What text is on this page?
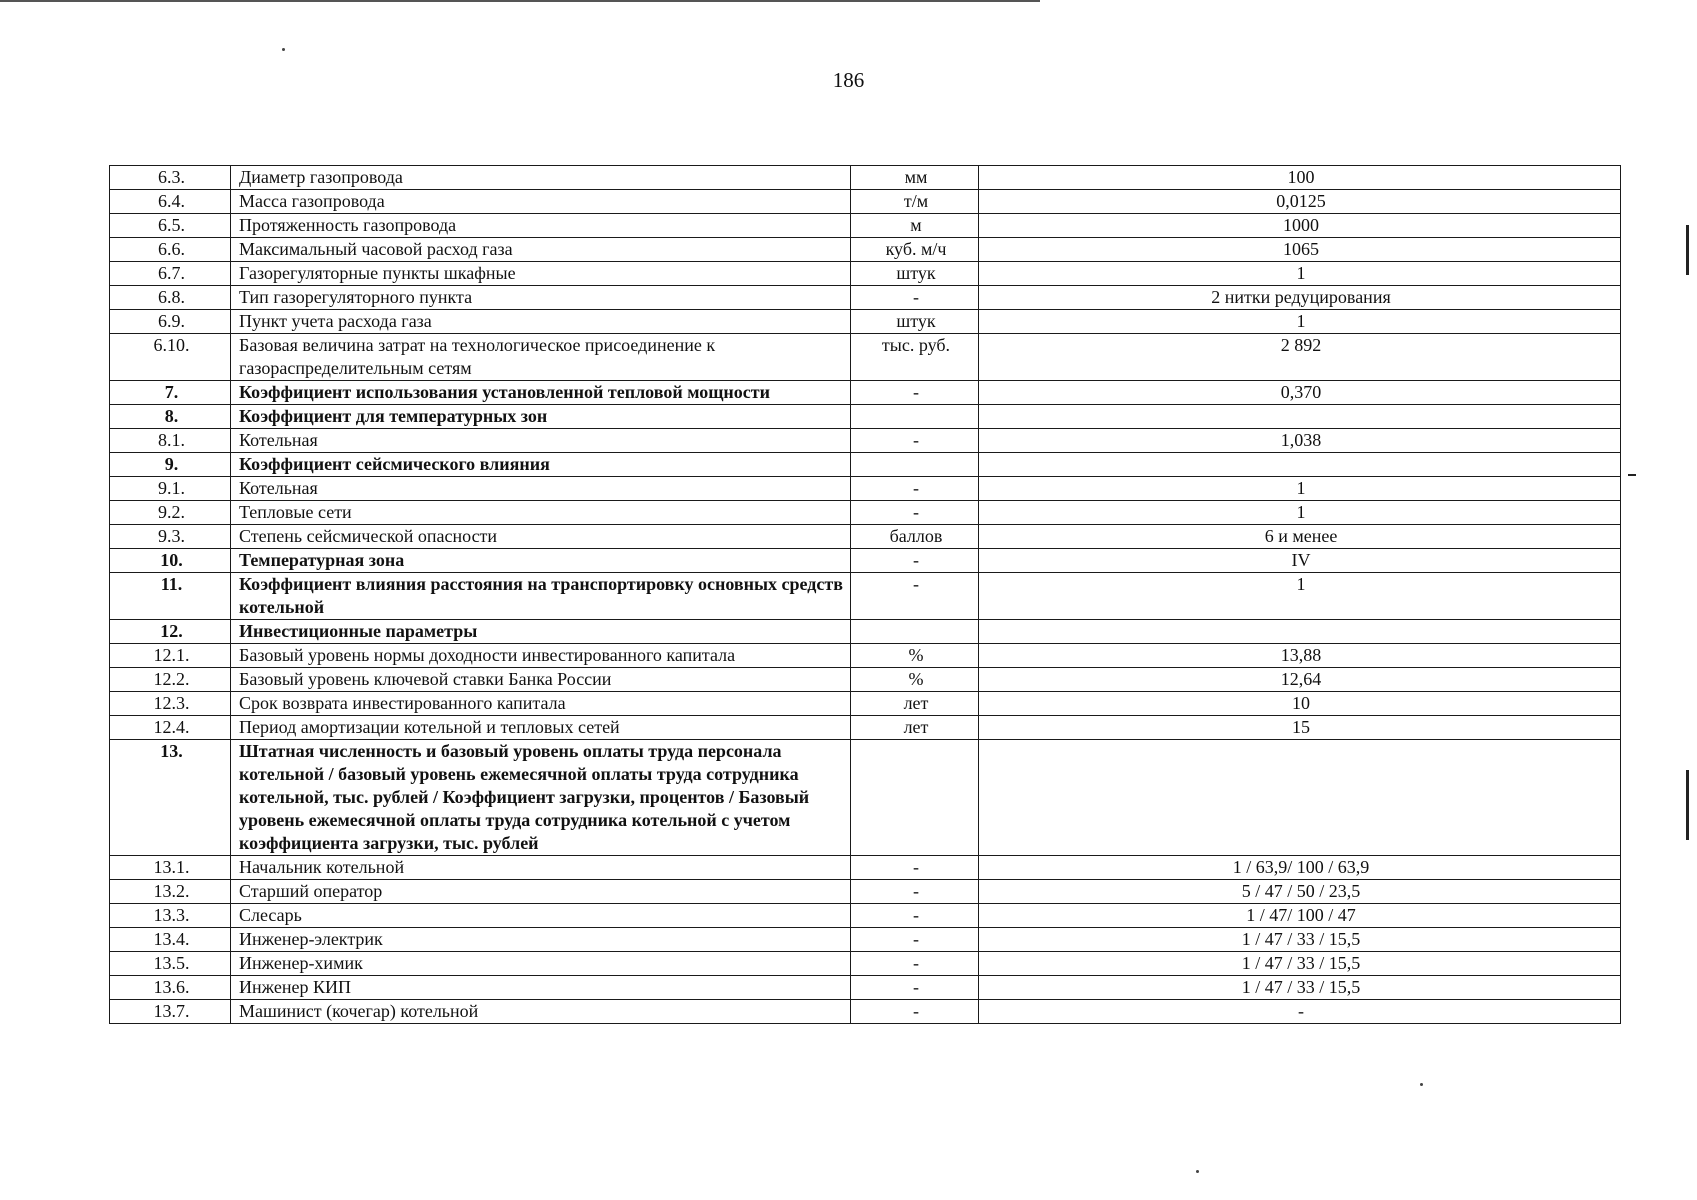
186
6.3.	Диаметр газопровода	мм	100
6.4.	Масса газопровода	т/м	0,0125
6.5.	Протяженность газопровода	м	1000
6.6.	Максимальный часовой расход газа	куб. м/ч	1065
6.7.	Газорегуляторные пункты шкафные	штук	1
6.8.	Тип газорегуляторного пункта	-	2 нитки редуцирования
6.9.	Пункт учета расхода газа	штук	1
6.10.	Базовая величина затрат на технологическое присоединение к газораспределительным сетям	тыс. руб.	2 892
7.	Коэффициент использования установленной тепловой мощности	-	0,370
8.	Коэффициент для температурных зон		
8.1.	Котельная	-	1,038
9.	Коэффициент сейсмического влияния		
9.1.	Котельная	-	1
9.2.	Тепловые сети	-	1
9.3.	Степень сейсмической опасности	баллов	6 и менее
10.	Температурная зона	-	IV
11.	Коэффициент влияния расстояния на транспортировку основных средств котельной	-	1
12.	Инвестиционные параметры		
12.1.	Базовый уровень нормы доходности инвестированного капитала	%	13,88
12.2.	Базовый уровень ключевой ставки Банка России	%	12,64
12.3.	Срок возврата инвестированного капитала	лет	10
12.4.	Период амортизации котельной и тепловых сетей	лет	15
13.	Штатная численность и базовый уровень оплаты труда персонала котельной / базовый уровень ежемесячной оплаты труда сотрудника котельной, тыс. рублей / Коэффициент загрузки, процентов / Базовый уровень ежемесячной оплаты труда сотрудника котельной с учетом коэффициента загрузки, тыс. рублей		
13.1.	Начальник котельной	-	1 / 63,9/ 100 / 63,9
13.2.	Старший оператор	-	5 / 47 / 50 / 23,5
13.3.	Слесарь	-	1 / 47/ 100 / 47
13.4.	Инженер-электрик	-	1 / 47 / 33 / 15,5
13.5.	Инженер-химик	-	1 / 47 / 33 / 15,5
13.6.	Инженер КИП	-	1 / 47 / 33 / 15,5
13.7.	Машинист (кочегар) котельной	-	-
